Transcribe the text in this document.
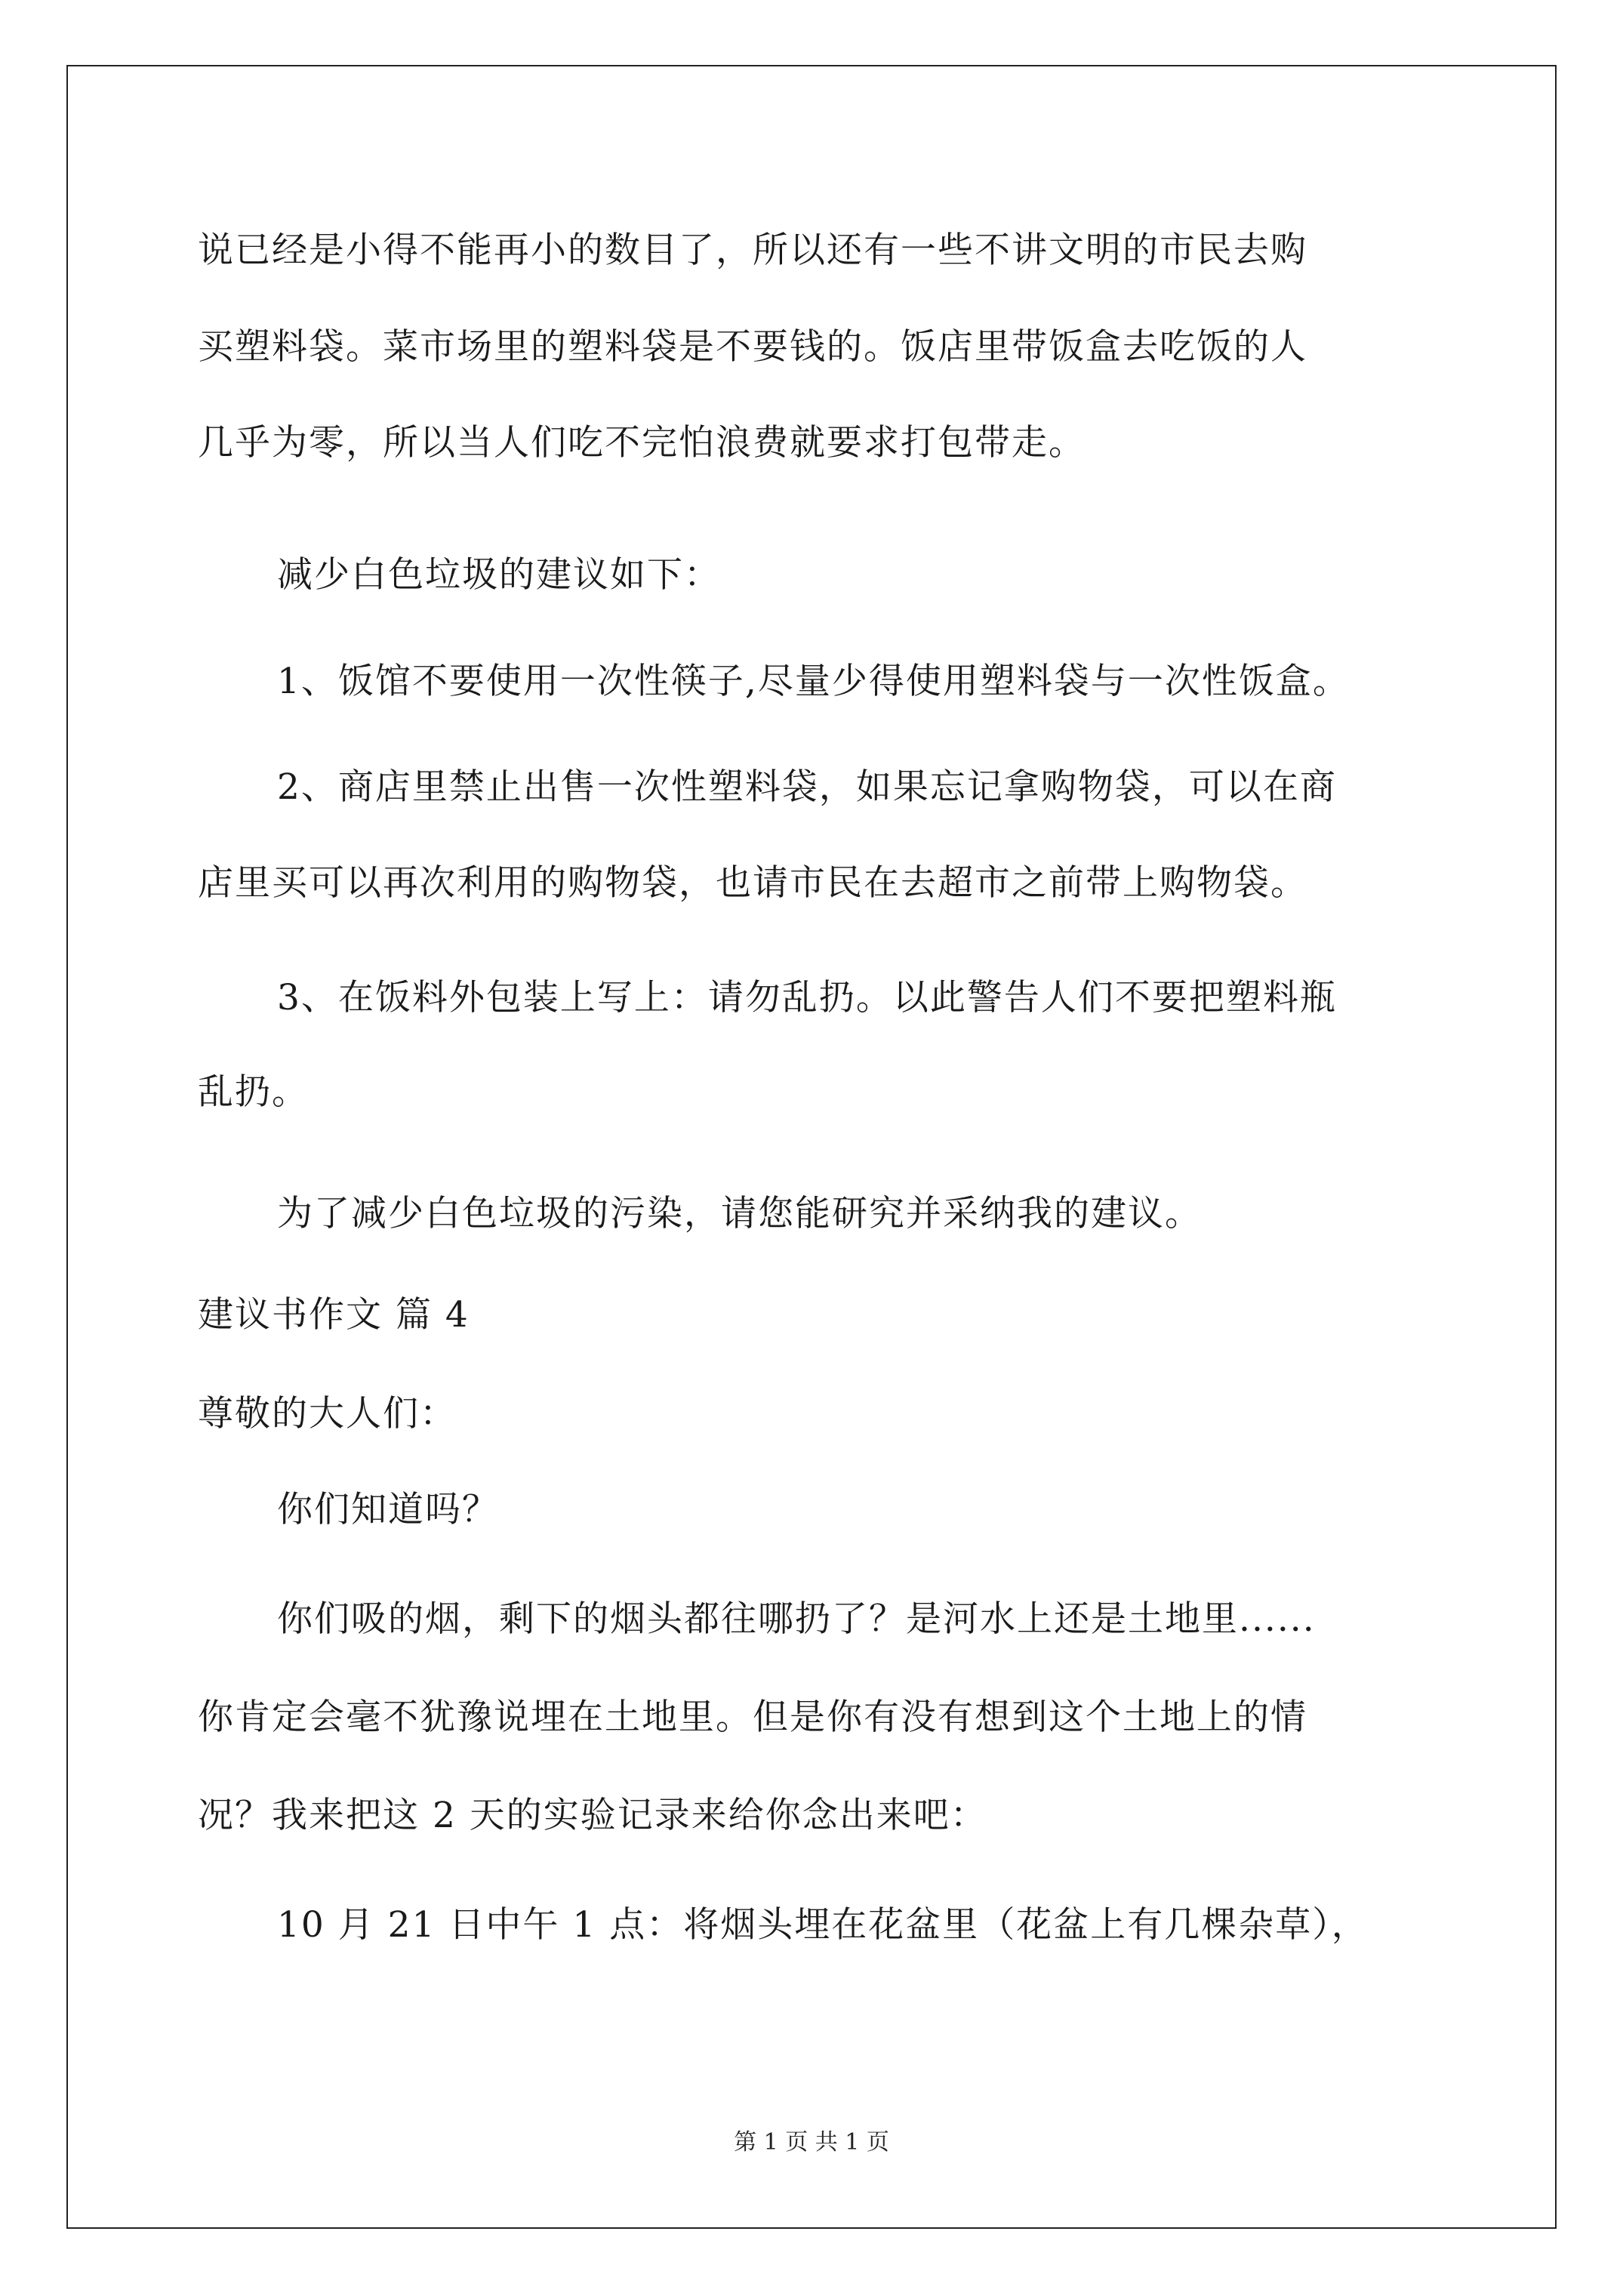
说已经是小得不能再小的数目了，所以还有一些不讲文明的市民去购
买塑料袋。菜市场里的塑料袋是不要钱的。饭店里带饭盒去吃饭的人
几乎为零，所以当人们吃不完怕浪费就要求打包带走。
减少白色垃圾的建议如下：
1、饭馆不要使用一次性筷子,尽量少得使用塑料袋与一次性饭盒。
2、商店里禁止出售一次性塑料袋，如果忘记拿购物袋，可以在商
店里买可以再次利用的购物袋，也请市民在去超市之前带上购物袋。
3、在饭料外包装上写上：请勿乱扔。以此警告人们不要把塑料瓶
乱扔。
为了减少白色垃圾的污染，请您能研究并采纳我的建议。
建议书作文 篇 4
尊敬的大人们：
你们知道吗？
你们吸的烟，剩下的烟头都往哪扔了？是河水上还是土地里......
你肯定会毫不犹豫说埋在土地里。但是你有没有想到这个土地上的情
况？我来把这 2 天的实验记录来给你念出来吧：
10 月 21 日中午 1 点：将烟头埋在花盆里（花盆上有几棵杂草），
第 1 页 共 1 页
